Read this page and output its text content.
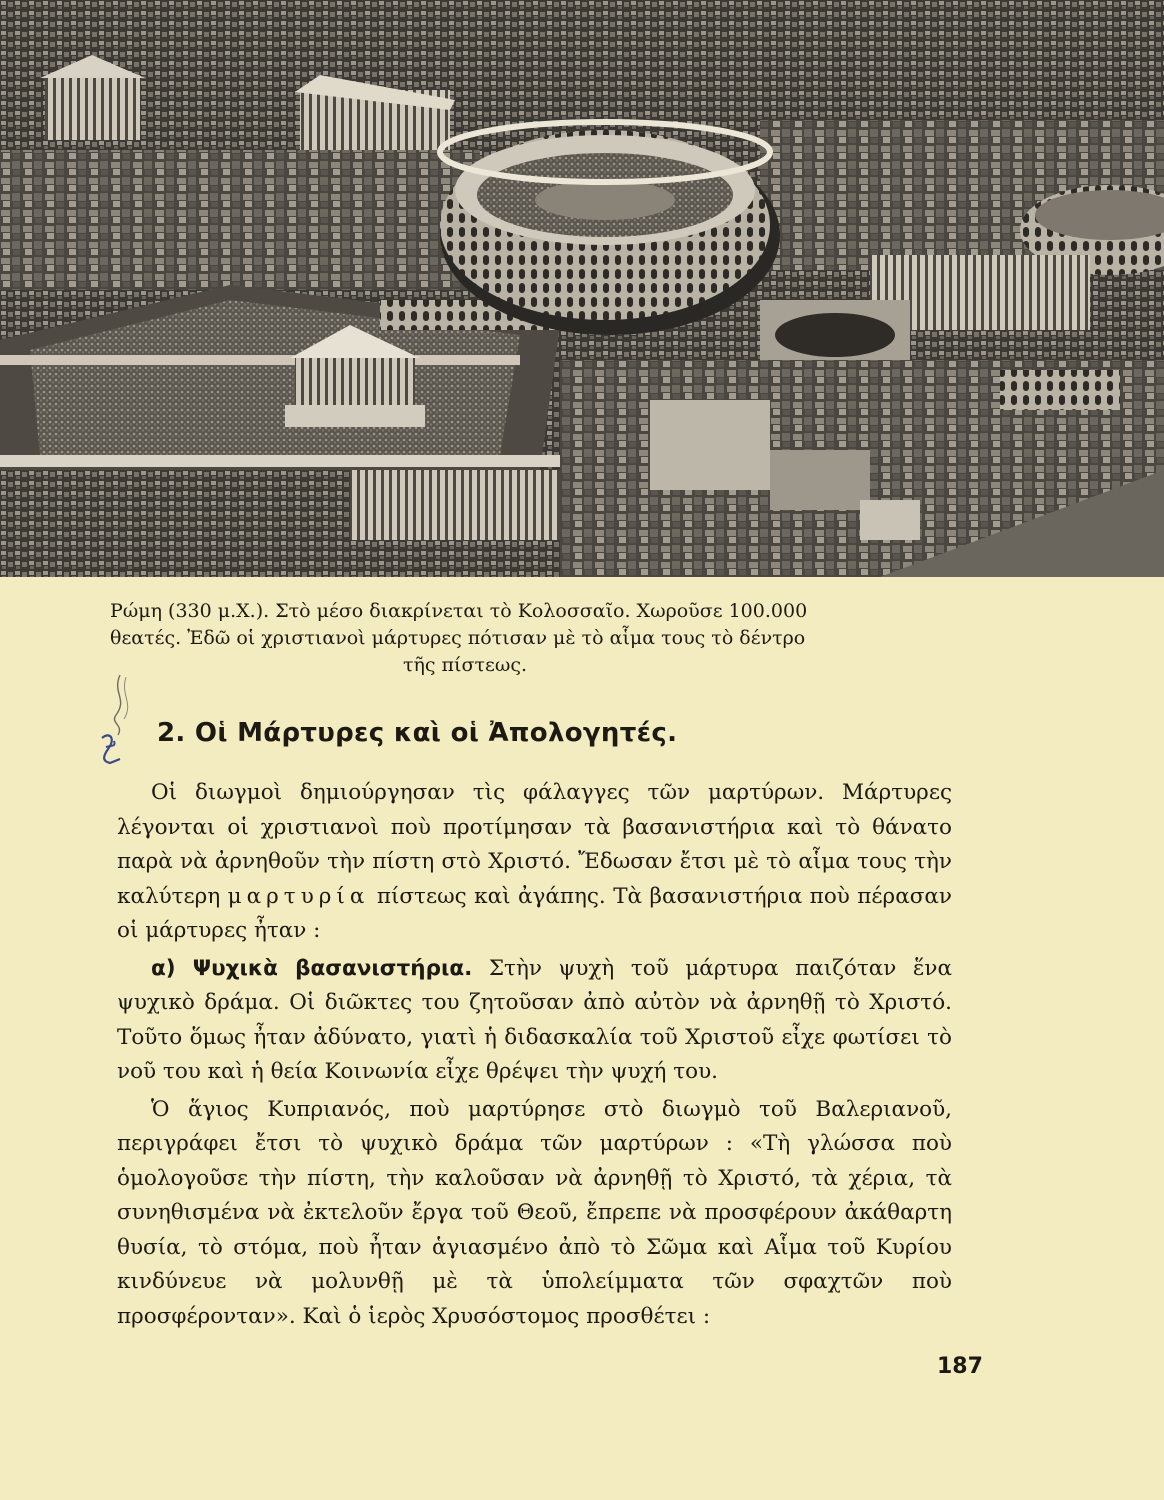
Ρώμη (330 μ.Χ.). Στὸ μέσο διακρίνεται τὸ Κολοσσαῖο. Χωροῦσε 100.000
θεατές. Ἐδῶ οἱ χριστιανοὶ μάρτυρες πότισαν μὲ τὸ αἷμα τους τὸ δέντρο

τῆς πίστεως.
2. Οἱ Μάρτυρες καὶ οἱ Ἀπολογητές.

Οἱ διωγμοὶ δημιούργησαν τὶς φάλαγγες τῶν μαρτύρων. Μάρτυρες λέγονται οἱ χριστιανοὶ ποὺ προτίμησαν τὰ βασανιστήρια καὶ τὸ θάνατο παρὰ νὰ ἀρνηθοῦν τὴν πίστη στὸ Χριστό. Ἔδωσαν ἔτσι μὲ τὸ αἷμα τους τὴν καλύτερη μαρτυρία πίστεως καὶ ἀγάπης. Τὰ βασανιστήρια ποὺ πέρασαν οἱ μάρτυρες ἦταν :

α) Ψυχικὰ βασανιστήρια. Στὴν ψυχὴ τοῦ μάρτυρα παιζόταν ἕνα ψυχικὸ δράμα. Οἱ διῶκτες του ζητοῦσαν ἀπὸ αὐτὸν νὰ ἀρνηθῇ τὸ Χριστό. Τοῦτο ὅμως ἦταν ἀδύνατο, γιατὶ ἡ διδασκαλία τοῦ Χριστοῦ εἶχε φωτίσει τὸ νοῦ του καὶ ἡ θεία Κοινωνία εἶχε θρέψει τὴν ψυχή του.

Ὁ ἅγιος Κυπριανός, ποὺ μαρτύρησε στὸ διωγμὸ τοῦ Βαλεριανοῦ, περιγράφει ἔτσι τὸ ψυχικὸ δράμα τῶν μαρτύρων : «Τὴ γλώσσα ποὺ ὁμολογοῦσε τὴν πίστη, τὴν καλοῦσαν νὰ ἀρνηθῇ τὸ Χριστό, τὰ χέρια, τὰ συνηθισμένα νὰ ἐκτελοῦν ἔργα τοῦ Θεοῦ, ἔπρεπε νὰ προσφέρουν ἀκάθαρτη θυσία, τὸ στόμα, ποὺ ἦταν ἁγιασμένο ἀπὸ τὸ Σῶμα καὶ Αἷμα τοῦ Κυρίου κινδύνευε νὰ μολυνθῇ μὲ τὰ ὑπολείμματα τῶν σφαχτῶν ποὺ προσφέρονταν». Καὶ ὁ ἱερὸς Χρυσόστομος προσθέτει :

187
